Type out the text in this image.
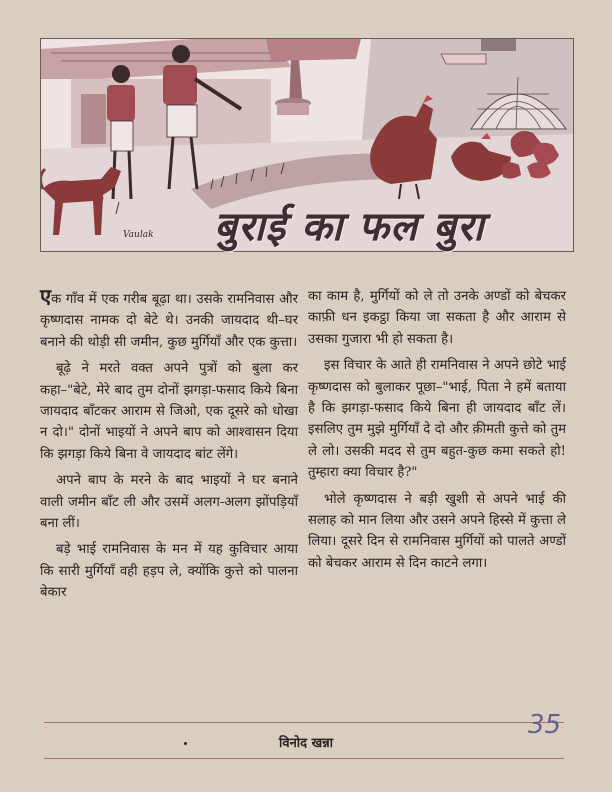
Vaulak बुराई का फल बुरा

एक गाँव में एक गरीब बूढ़ा था। उसके रामनिवास और कृष्णदास नामक दो बेटे थे। उनकी जायदाद थी–घर बनाने की थोड़ी सी जमीन, कुछ मुर्गियाँ और एक कुत्ता।

बूढ़े ने मरते वक्त अपने पुत्रों को बुला कर कहा–"बेटे, मेरे बाद तुम दोनों झगड़ा-फसाद किये बिना जायदाद बाँटकर आराम से जिओ, एक दूसरे को धोखा न दो।" दोनों भाइयों ने अपने बाप को आश्वासन दिया कि झगड़ा किये बिना वे जायदाद बांट लेंगे।

अपने बाप के मरने के बाद भाइयों ने घर बनाने वाली जमीन बाँट ली और उसमें अलग-अलग झोंपड़ियाँ बना लीं।

बड़े भाई रामनिवास के मन में यह कुविचार आया कि सारी मुर्गियाँ वही हड़प ले, क्योंकि कुत्ते को पालना बेकार

का काम है, मुर्गियों को ले तो उनके अण्डों को बेचकर काफ़ी धन इकट्ठा किया जा सकता है और आराम से उसका गुजारा भी हो सकता है।

इस विचार के आते ही रामनिवास ने अपने छोटे भाई कृष्णदास को बुलाकर पूछा–"भाई, पिता ने हमें बताया है कि झगड़ा-फसाद किये बिना ही जायदाद बाँट लें। इसलिए तुम मुझे मुर्गियाँ दे दो और क़ीमती कुत्ते को तुम ले लो। उसकी मदद से तुम बहुत-कुछ कमा सकते हो! तुम्हारा क्या विचार है?"

भोले कृष्णदास ने बड़ी खुशी से अपने भाई की सलाह को मान लिया और उसने अपने हिस्से में कुत्ता ले लिया। दूसरे दिन से रामनिवास मुर्गियों को पालते अण्डों को बेचकर आराम से दिन काटने लगा।

विनोद खन्ना
35
